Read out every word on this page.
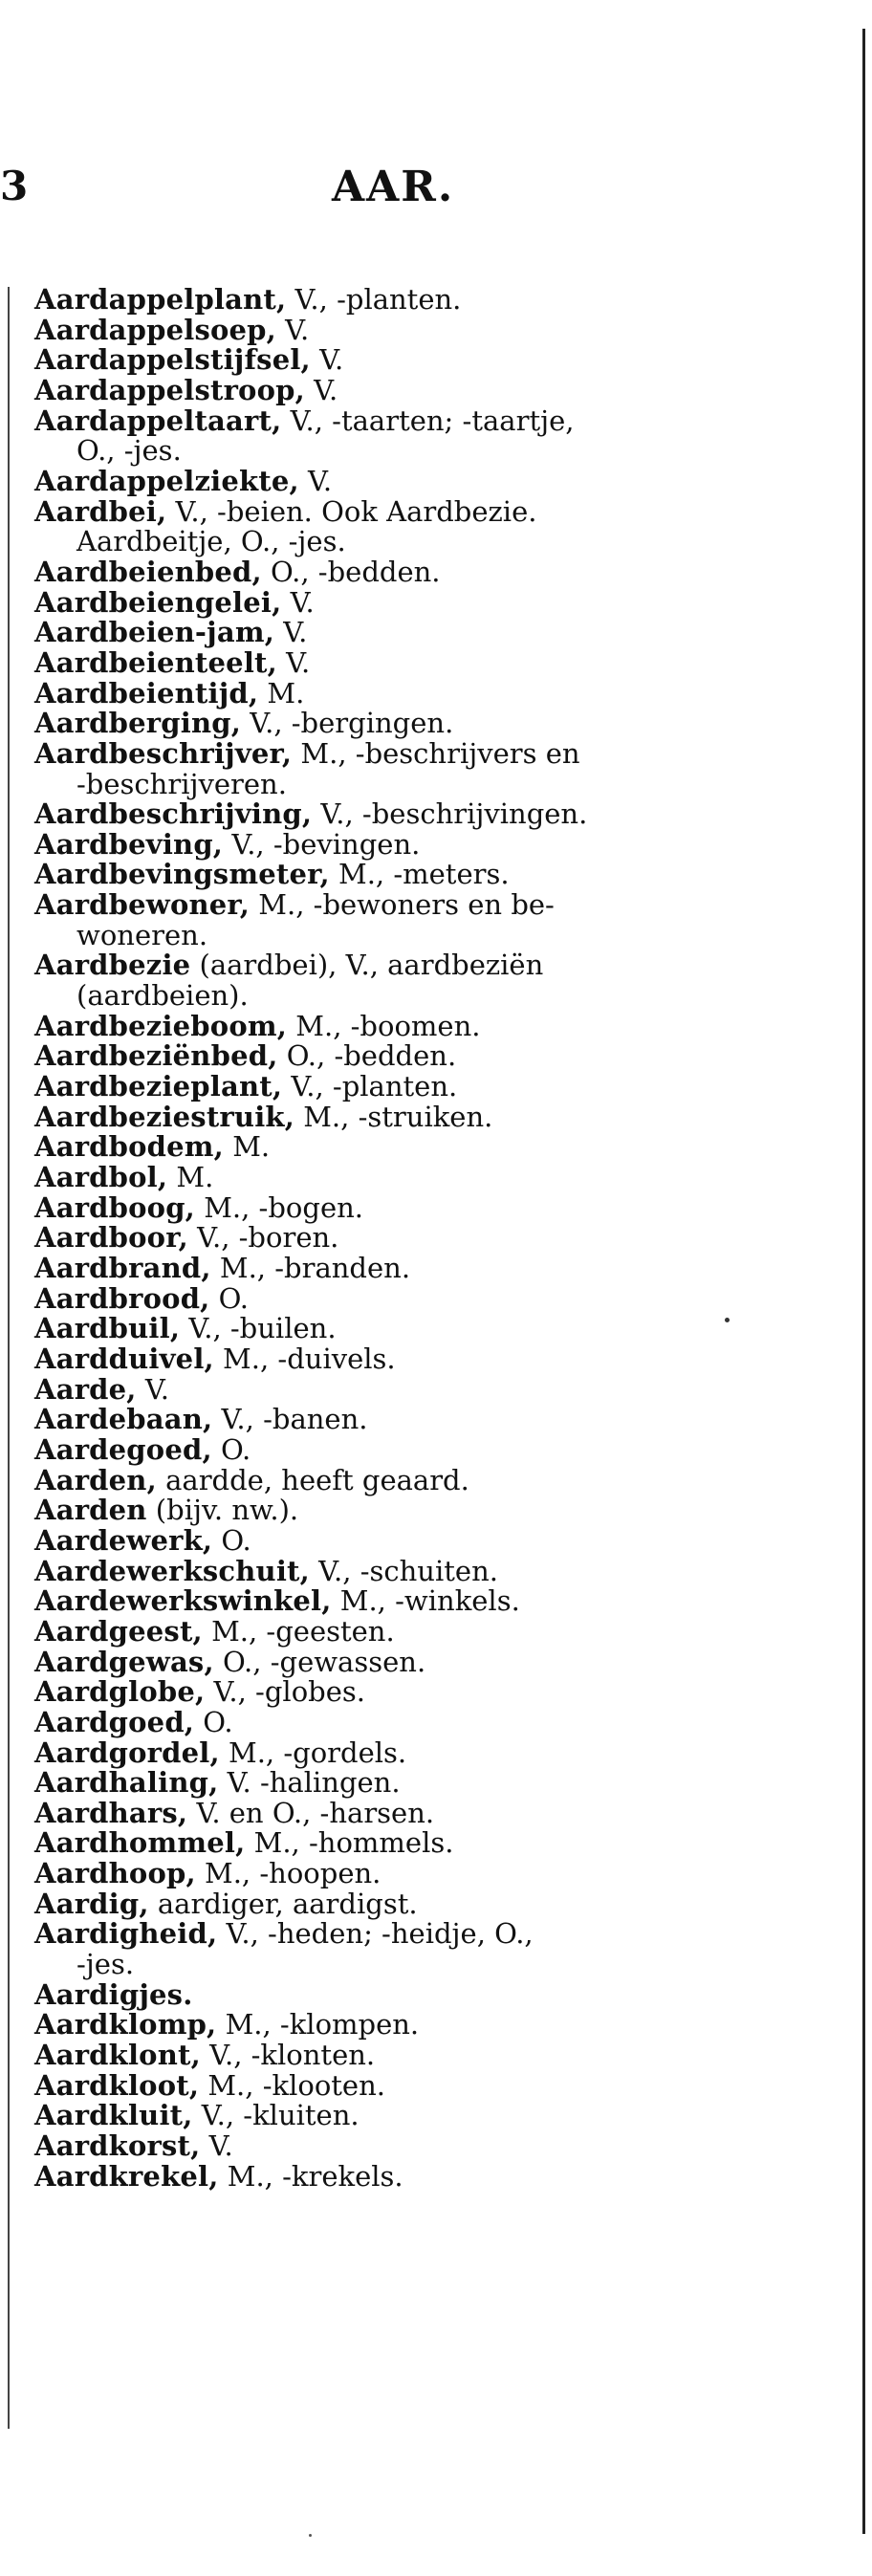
3	AAR.

Aardappelplant, V., -planten.

Aardappelsoep, V.

Aardappelstijfsel, V.

Aardappelstroop, V.

Aardappeltaart, V., -taarten; -taartje,
O., -jes.

Aardappelziekte, V.

Aardbei, V., -beien. Ook Aardbezie.
Aardbeitje, O., -jes.

Aardbeienbed, O., -bedden.

Aardbeiengelei, V.

Aardbeien-jam, V.

Aardbeienteelt, V.

Aardbeientijd, M.

Aardberging, V., -bergingen.

Aardbeschrijver, M., -beschrijvers en
-beschrijveren.

Aardbeschrijving, V., -beschrijvingen.

Aardbeving, V., -bevingen.

Aardbevingsmeter, M., -meters.

Aardbewoner, M., -bewoners en be-
woneren.

Aardbezie (aardbei), V., aardbeziën
(aardbeien).

Aardbezieboom, M., -boomen.

Aardbeziënbed, O., -bedden.

Aardbezieplant, V., -planten.

Aardbeziestruik, M., -struiken.

Aardbodem, M.

Aardbol, M.

Aardboog, M., -bogen.

Aardboor, V., -boren.

Aardbrand, M., -branden.

Aardbrood, O.

Aardbuil, V., -builen.

Aardduivel, M., -duivels.

Aarde, V.

Aardebaan, V., -banen.

Aardegoed, O.

Aarden, aardde, heeft geaard.

Aarden (bijv. nw.).

Aardewerk, O.

Aardewerkschuit, V., -schuiten.

Aardewerkswinkel, M., -winkels.

Aardgeest, M., -geesten.

Aardgewas, O., -gewassen.

Aardglobe, V., -globes.

Aardgoed, O.

Aardgordel, M., -gordels.

Aardhaling, V. -halingen.

Aardhars, V. en O., -harsen.

Aardhommel, M., -hommels.

Aardhoop, M., -hoopen.

Aardig, aardiger, aardigst.

Aardigheid, V., -heden; -heidje, O.,
-jes.

Aardigjes.

Aardklomp, M., -klompen.

Aardklont, V., -klonten.

Aardkloot, M., -klooten.

Aardkluit, V., -kluiten.

Aardkorst, V.

Aardkrekel, M., -krekels.
